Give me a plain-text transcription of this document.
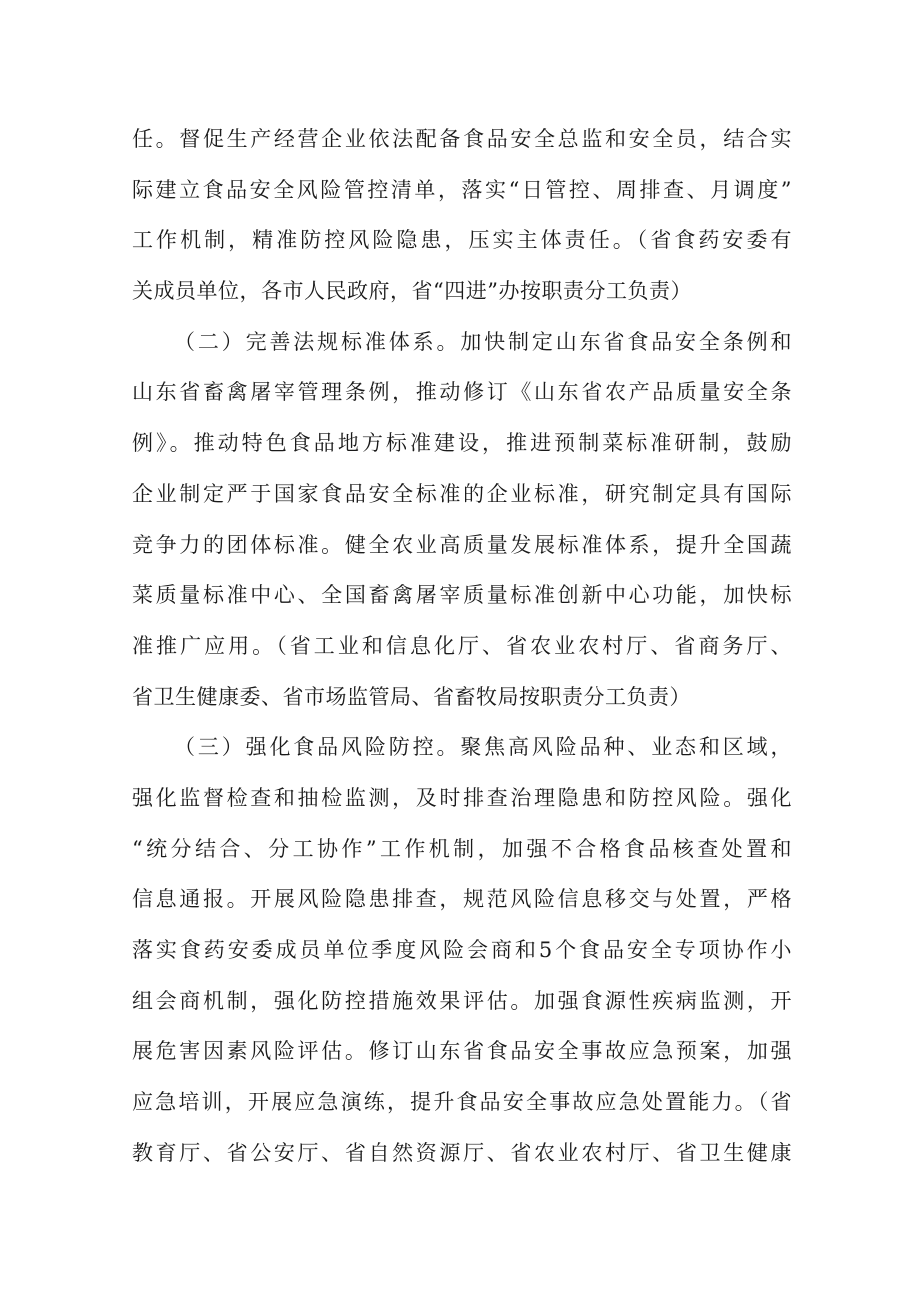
任。督促生产经营企业依法配备食品安全总监和安全员，结合实
际建立食品安全风险管控清单，落实“日管控、周排查、月调度”
工作机制，精准防控风险隐患，压实主体责任。（省食药安委有
关成员单位，各市人民政府，省“四进”办按职责分工负责）
（二）完善法规标准体系。加快制定山东省食品安全条例和
山东省畜禽屠宰管理条例，推动修订《山东省农产品质量安全条
例》。推动特色食品地方标准建设，推进预制菜标准研制，鼓励
企业制定严于国家食品安全标准的企业标准，研究制定具有国际
竞争力的团体标准。健全农业高质量发展标准体系，提升全国蔬
菜质量标准中心、全国畜禽屠宰质量标准创新中心功能，加快标
准推广应用。（省工业和信息化厅、省农业农村厅、省商务厅、
省卫生健康委、省市场监管局、省畜牧局按职责分工负责）
（三）强化食品风险防控。聚焦高风险品种、业态和区域，
强化监督检查和抽检监测，及时排查治理隐患和防控风险。强化
“统分结合、分工协作”工作机制，加强不合格食品核查处置和
信息通报。开展风险隐患排查，规范风险信息移交与处置，严格
落实食药安委成员单位季度风险会商和5个食品安全专项协作小
组会商机制，强化防控措施效果评估。加强食源性疾病监测，开
展危害因素风险评估。修订山东省食品安全事故应急预案，加强
应急培训，开展应急演练，提升食品安全事故应急处置能力。（省
教育厅、省公安厅、省自然资源厅、省农业农村厅、省卫生健康
